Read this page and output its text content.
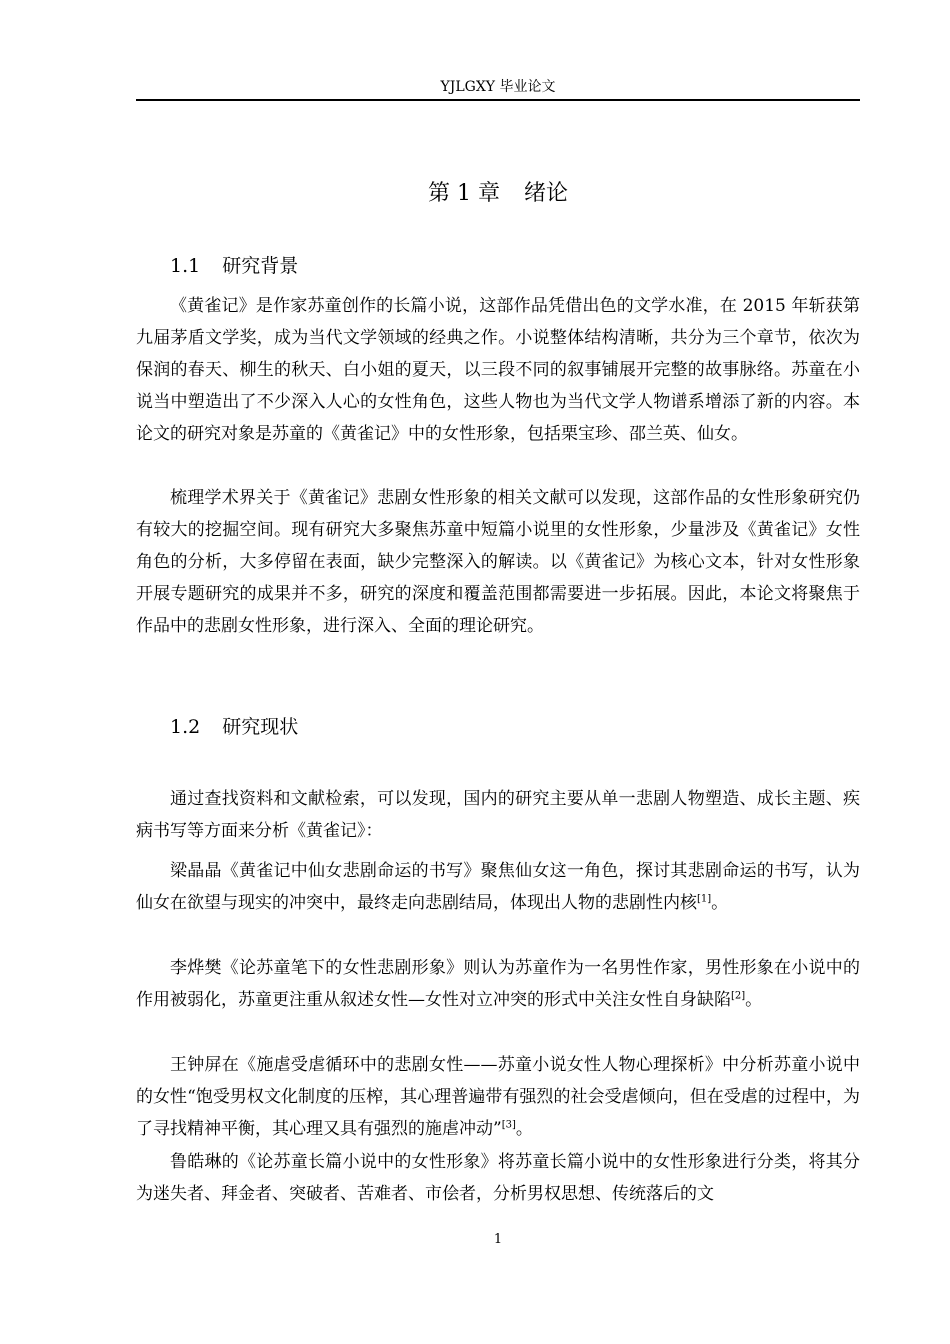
YJLGXY 毕业论文
第 1 章 绪论
1.1 研究背景

《黄雀记》是作家苏童创作的长篇小说，这部作品凭借出色的文学水准，在 2015 年斩获第九届茅盾文学奖，成为当代文学领域的经典之作。小说整体结构清晰，共分为三个章节，依次为保润的春天、柳生的秋天、白小姐的夏天，以三段不同的叙事铺展开完整的故事脉络。苏童在小说当中塑造出了不少深入人心的女性角色，这些人物也为当代文学人物谱系增添了新的内容。本论文的研究对象是苏童的《黄雀记》中的女性形象，包括栗宝珍、邵兰英、仙女。

梳理学术界关于《黄雀记》悲剧女性形象的相关文献可以发现，这部作品的女性形象研究仍有较大的挖掘空间。现有研究大多聚焦苏童中短篇小说里的女性形象，少量涉及《黄雀记》女性角色的分析，大多停留在表面，缺少完整深入的解读。以《黄雀记》为核心文本，针对女性形象开展专题研究的成果并不多，研究的深度和覆盖范围都需要进一步拓展。因此，本论文将聚焦于作品中的悲剧女性形象，进行深入、全面的理论研究。

1.2 研究现状

通过查找资料和文献检索，可以发现，国内的研究主要从单一悲剧人物塑造、成长主题、疾病书写等方面来分析《黄雀记》：

梁晶晶《黄雀记中仙女悲剧命运的书写》聚焦仙女这一角色，探讨其悲剧命运的书写，认为仙女在欲望与现实的冲突中，最终走向悲剧结局，体现出人物的悲剧性内核[1]。

李烨樊《论苏童笔下的女性悲剧形象》则认为苏童作为一名男性作家，男性形象在小说中的作用被弱化，苏童更注重从叙述女性—女性对立冲突的形式中关注女性自身缺陷[2]。

王钟屏在《施虐受虐循环中的悲剧女性——苏童小说女性人物心理探析》中分析苏童小说中的女性“饱受男权文化制度的压榨，其心理普遍带有强烈的社会受虐倾向，但在受虐的过程中，为了寻找精神平衡，其心理又具有强烈的施虐冲动”[3]。

鲁皓琳的《论苏童长篇小说中的女性形象》将苏童长篇小说中的女性形象进行分类，将其分为迷失者、拜金者、突破者、苦难者、市侩者，分析男权思想、传统落后的文

1
